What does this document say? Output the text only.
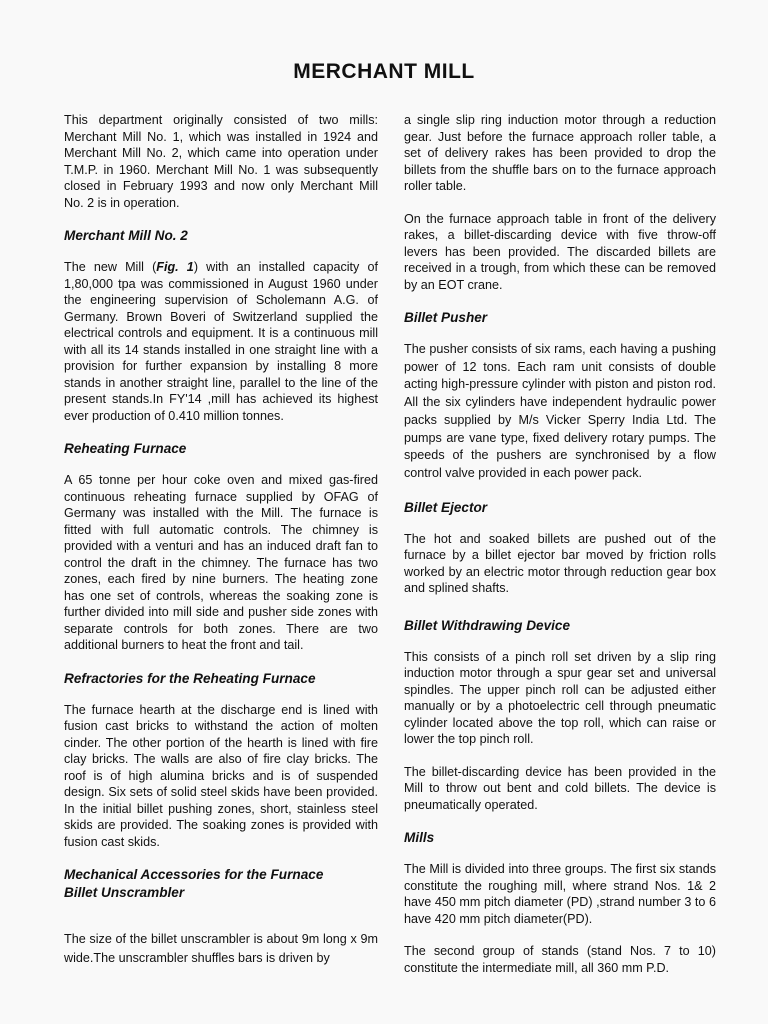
MERCHANT MILL

This department originally consisted of two mills: Merchant Mill No. 1, which was installed in 1924 and Merchant Mill No. 2, which came into operation under T.M.P. in 1960. Merchant Mill No. 1 was subsequently closed in February 1993 and now only Merchant Mill No. 2 is in operation.

Merchant Mill No. 2

The new Mill (Fig. 1) with an installed capacity of 1,80,000 tpa was commissioned in August 1960 under the engineering supervision of Scholemann A.G. of Germany. Brown Boveri of Switzerland supplied the electrical controls and equipment. It is a continuous mill with all its 14 stands installed in one straight line with a provision for further expansion by installing 8 more stands in another straight line, parallel to the line of the present stands.In FY'14 ,mill has achieved its highest ever production of 0.410 million tonnes.

Reheating Furnace

A 65 tonne per hour coke oven and mixed gas-fired continuous reheating furnace supplied by OFAG of Germany was installed with the Mill. The furnace is fitted with full automatic controls. The chimney is provided with a venturi and has an induced draft fan to control the draft in the chimney. The furnace has two zones, each fired by nine burners. The heating zone has one set of controls, whereas the soaking zone is further divided into mill side and pusher side zones with separate controls for both zones. There are two additional burners to heat the front and tail.

Refractories for the Reheating Furnace

The furnace hearth at the discharge end is lined with fusion cast bricks to withstand the action of molten cinder. The other portion of the hearth is lined with fire clay bricks. The walls are also of fire clay bricks. The roof is of high alumina bricks and is of suspended design. Six sets of solid steel skids have been provided. In the initial billet pushing zones, short, stainless steel skids are provided. The soaking zones is provided with fusion cast skids.

Mechanical Accessories for the Furnace
Billet Unscrambler

The size of the billet unscrambler is about 9m long x 9m wide.The unscrambler shuffles bars is driven by

a single slip ring induction motor through a reduction gear. Just before the furnace approach roller table, a set of delivery rakes has been provided to drop the billets from the shuffle bars on to the furnace approach roller table.

On the furnace approach table in front of the delivery rakes, a billet-discarding device with five throw-off levers has been provided. The discarded billets are received in a trough, from which these can be removed by an EOT crane.

Billet Pusher

The pusher consists of six rams, each having a pushing power of 12 tons. Each ram unit consists of double acting high-pressure cylinder with piston and piston rod. All the six cylinders have independent hydraulic power packs supplied by M/s Vicker Sperry India Ltd. The pumps are vane type, fixed delivery rotary pumps. The speeds of the pushers are synchronised by a flow control valve provided in each power pack.

Billet Ejector

The hot and soaked billets are pushed out of the furnace by a billet ejector bar moved by friction rolls worked by an electric motor through reduction gear box and splined shafts.

Billet Withdrawing Device

This consists of a pinch roll set driven by a slip ring induction motor through a spur gear set and universal spindles. The upper pinch roll can be adjusted either manually or by a photoelectric cell through pneumatic cylinder located above the top roll, which can raise or lower the top pinch roll.

The billet-discarding device has been provided in the Mill to throw out bent and cold billets. The device is pneumatically operated.

Mills

The Mill is divided into three groups. The first six stands constitute the roughing mill, where strand Nos. 1& 2 have 450 mm pitch diameter (PD) ,strand number 3 to 6 have 420 mm pitch diameter(PD).

The second group of stands (stand Nos. 7 to 10) constitute the intermediate mill, all 360 mm P.D.
